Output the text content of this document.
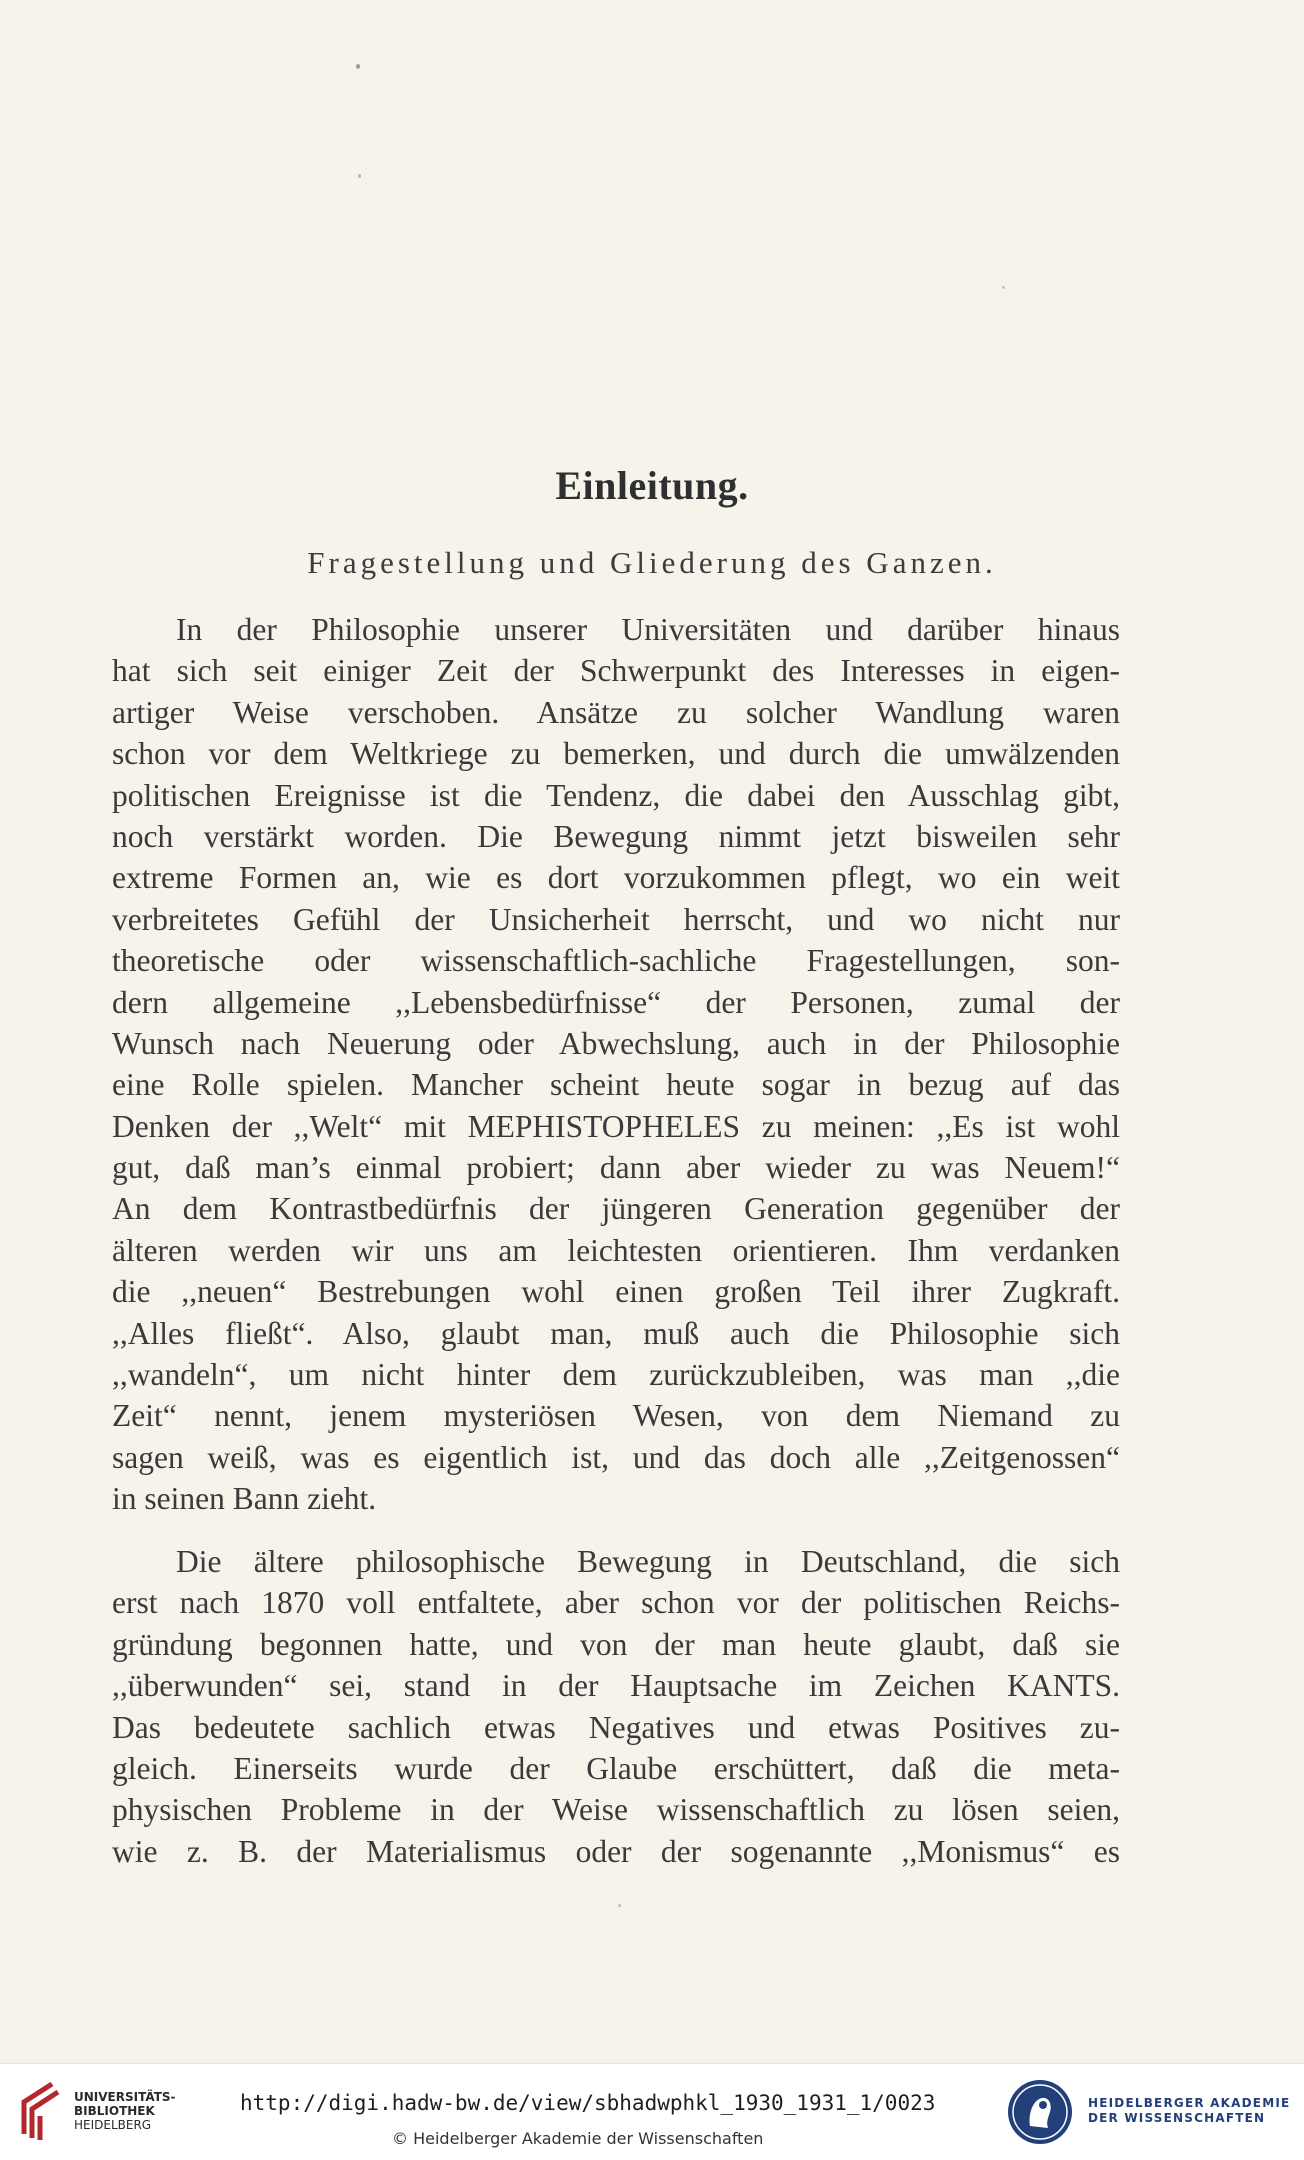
Einleitung.
Fragestellung und Gliederung des Ganzen.
In der Philosophie unserer Universitäten und darüber hinaus
hat sich seit einiger Zeit der Schwerpunkt des Interesses in eigen-
artiger Weise verschoben. Ansätze zu solcher Wandlung waren
schon vor dem Weltkriege zu bemerken, und durch die umwälzenden
politischen Ereignisse ist die Tendenz, die dabei den Ausschlag gibt,
noch verstärkt worden. Die Bewegung nimmt jetzt bisweilen sehr
extreme Formen an, wie es dort vorzukommen pflegt, wo ein weit
verbreitetes Gefühl der Unsicherheit herrscht, und wo nicht nur
theoretische oder wissenschaftlich-sachliche Fragestellungen, son-
dern allgemeine ,,Lebensbedürfnisse“ der Personen, zumal der
Wunsch nach Neuerung oder Abwechslung, auch in der Philosophie
eine Rolle spielen. Mancher scheint heute sogar in bezug auf das
Denken der ,,Welt“ mit MEPHISTOPHELES zu meinen: ,,Es ist wohl
gut, daß man’s einmal probiert; dann aber wieder zu was Neuem!“
An dem Kontrastbedürfnis der jüngeren Generation gegenüber der
älteren werden wir uns am leichtesten orientieren. Ihm verdanken
die ,,neuen“ Bestrebungen wohl einen großen Teil ihrer Zugkraft.
,,Alles fließt“. Also, glaubt man, muß auch die Philosophie sich
,,wandeln“, um nicht hinter dem zurückzubleiben, was man ,,die
Zeit“ nennt, jenem mysteriösen Wesen, von dem Niemand zu
sagen weiß, was es eigentlich ist, und das doch alle ,,Zeitgenossen“
in seinen Bann zieht.
Die ältere philosophische Bewegung in Deutschland, die sich
erst nach 1870 voll entfaltete, aber schon vor der politischen Reichs-
gründung begonnen hatte, und von der man heute glaubt, daß sie
,,überwunden“ sei, stand in der Hauptsache im Zeichen KANTS.
Das bedeutete sachlich etwas Negatives und etwas Positives zu-
gleich. Einerseits wurde der Glaube erschüttert, daß die meta-
physischen Probleme in der Weise wissenschaftlich zu lösen seien,
wie z. B. der Materialismus oder der sogenannte ,,Monismus“ es
UNIVERSITÄTS-
BIBLIOTHEK
HEIDELBERG
http://digi.hadw-bw.de/view/sbhadwphkl_1930_1931_1/0023
© Heidelberger Akademie der Wissenschaften
HEIDELBERGER AKADEMIE
DER WISSENSCHAFTEN
